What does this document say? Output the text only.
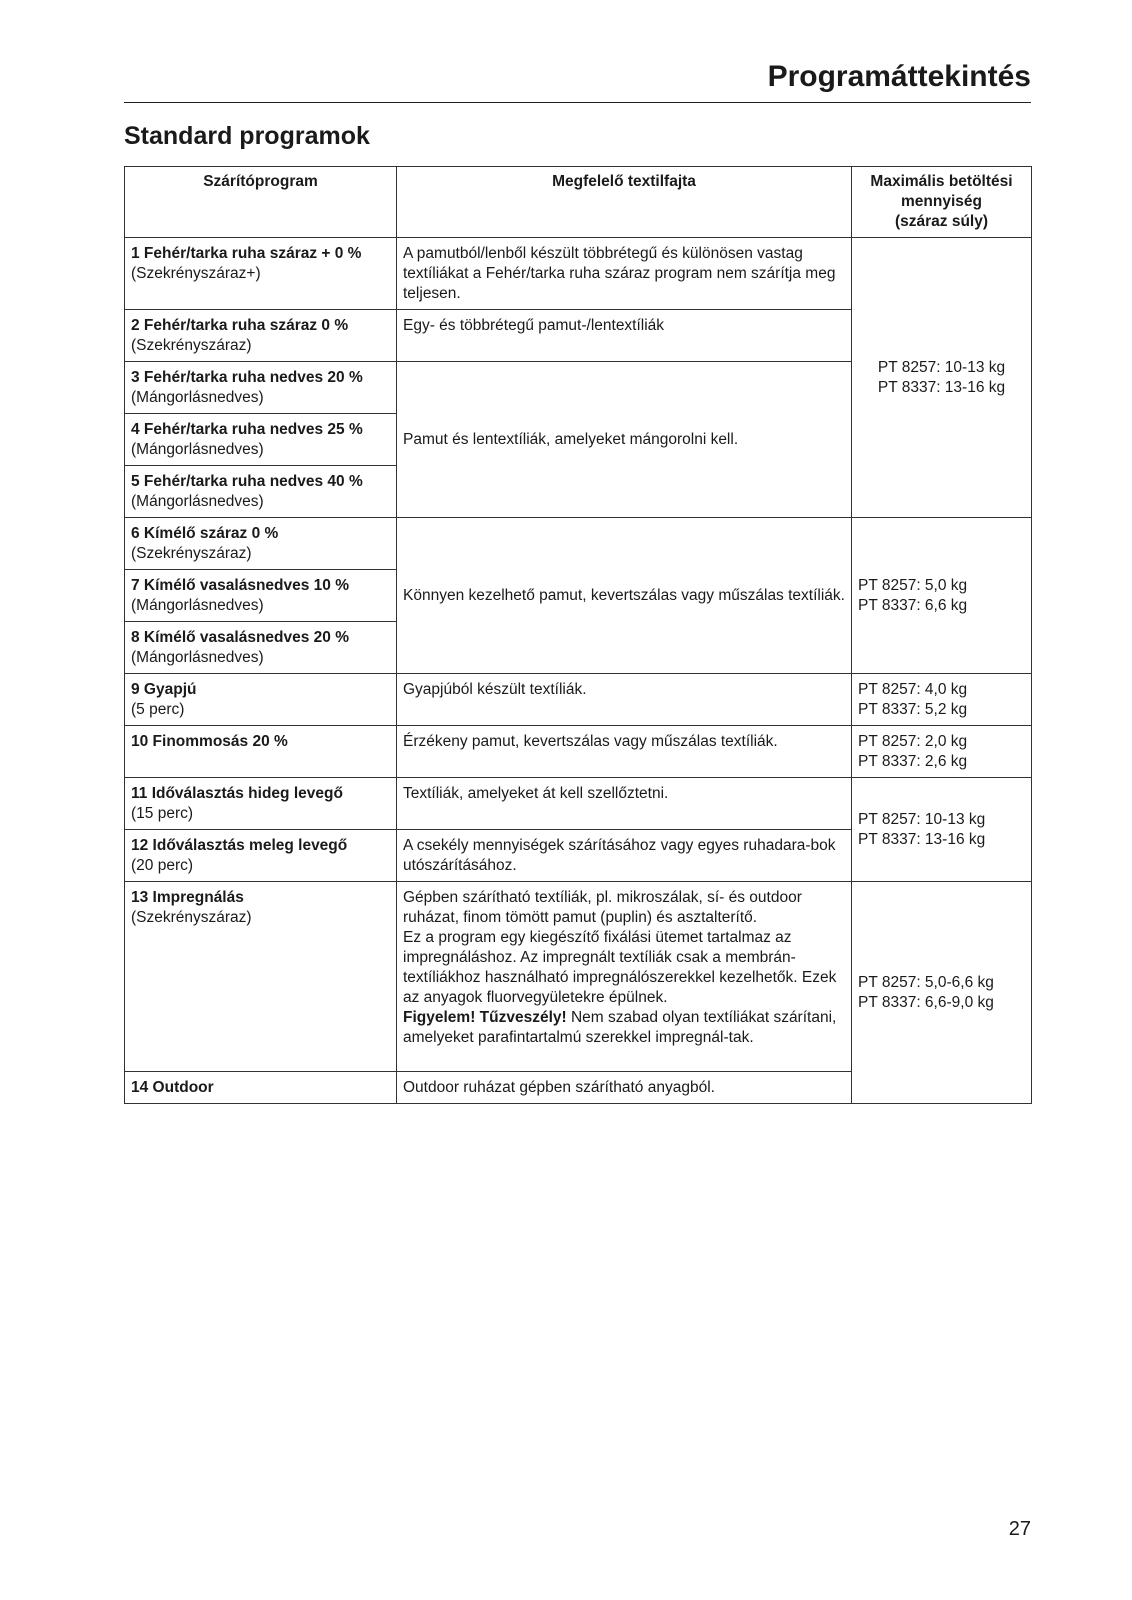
Programáttekintés
Standard programok
Szárítóprogram	Megfelelő textilfajta	Maximális betöltési
mennyiség
(száraz súly)

1 Fehér/tarka ruha száraz + 0 %
(Szekrényszáraz+)	A pamutból/lenből készült többrétegű és különösen vastag textíliákat a Fehér/tarka ruha száraz program nem szárítja meg teljesen.	PT 8257: 10-13 kg
PT 8337: 13-16 kg

2 Fehér/tarka ruha száraz 0 %
(Szekrényszáraz)	Egy- és többrétegű pamut-/lentextíliák	

3 Fehér/tarka ruha nedves 20 %
(Mángorlásnedves)	Pamut és lentextíliák, amelyeket mángorolni kell.	

4 Fehér/tarka ruha nedves 25 %
(Mángorlásnedves)		

5 Fehér/tarka ruha nedves 40 %
(Mángorlásnedves)		

6 Kímélő száraz 0 %
(Szekrényszáraz)	Könnyen kezelhető pamut, kevertszálas vagy műszálas textíliák.	PT 8257: 5,0 kg
PT 8337: 6,6 kg

7 Kímélő vasalásnedves 10 %
(Mángorlásnedves)		

8 Kímélő vasalásnedves 20 %
(Mángorlásnedves)		

9 Gyapjú
(5 perc)	Gyapjúból készült textíliák.	PT 8257: 4,0 kg
PT 8337: 5,2 kg

10 Finommosás 20 %	Érzékeny pamut, kevertszálas vagy műszálas textíliák.	PT 8257: 2,0 kg
PT 8337: 2,6 kg

11 Időválasztás hideg levegő
(15 perc)	Textíliák, amelyeket át kell szellőztetni.	PT 8257: 10-13 kg
PT 8337: 13-16 kg

12 Időválasztás meleg levegő
(20 perc)	A csekély mennyiségek szárításához vagy egyes ruhadara-bok utószárításához.	

13 Impregnálás
(Szekrényszáraz)	Gépben szárítható textíliák, pl. mikroszálak, sí- és outdoor ruházat, finom tömött pamut (puplin) és asztalterítő.
Ez a program egy kiegészítő fixálási ütemet tartalmaz az impregnáláshoz. Az impregnált textíliák csak a membrán-textíliákhoz használható impregnálószerekkel kezelhetők. Ezek az anyagok fluorvegyületekre épülnek.
Figyelem! Tűzveszély! Nem szabad olyan textíliákat szárítani, amelyeket parafintartalmú szerekkel impregnál-tak.	PT 8257: 5,0-6,6 kg
PT 8337: 6,6-9,0 kg

14 Outdoor	Outdoor ruházat gépben szárítható anyagból.	
27
